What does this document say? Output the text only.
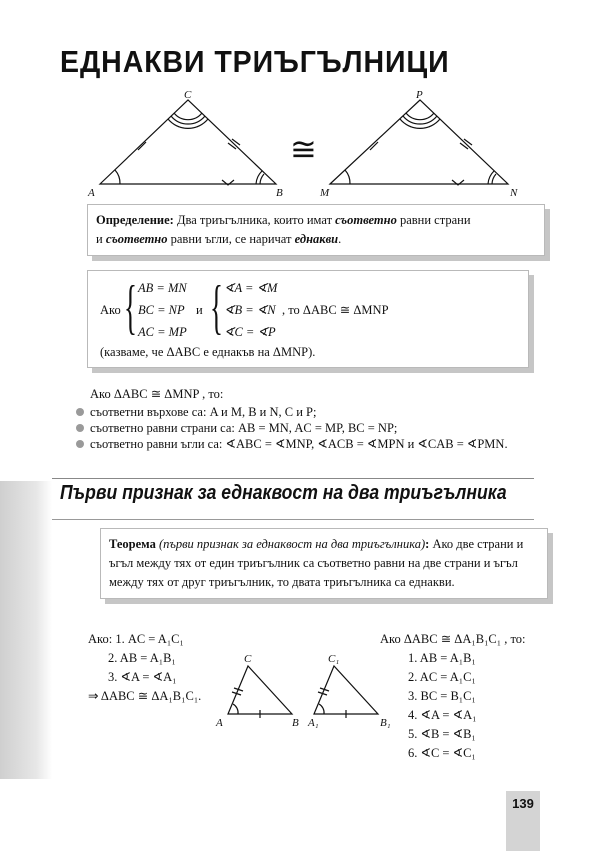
ЕДНАКВИ ТРИЪГЪЛНИЦИ
C
A	B
P
M	N
≅
Определение: Два триъгълника, които имат съответно равни страни
и съответно равни ъгли, се наричат еднакви.
Ако { AB = MN
BC = NP
AC = MP
и { ∢A = ∢M
∢B = ∢N
∢C = ∢P
, то ΔABC ≅ ΔMNP
(казваме, че ΔABC е еднакъв на ΔMNP).
Ако ΔABC ≅ ΔMNP , то:
съответни върхове са: A и M, B и N, C и P;
съответно равни страни са: AB = MN, AC = MP, BC = NP;
съответно равни ъгли са: ∢ABC = ∢MNP, ∢ACB = ∢MPN и ∢CAB = ∢PMN.
Първи признак за еднаквост на два триъгълника
Теорема (първи признак за еднаквост на два триъгълника): Ако две страни и ъгъл между тях от един триъгълник са съответно равни на две страни и ъгъл между тях от друг триъгълник, то двата триъгълника са еднакви.
Ако: 1. AC = A₁C₁
2. AB = A₁B₁
3. ∢A = ∢A₁
⇒ ΔABC ≅ ΔA₁B₁C₁.
C
A	B
C₁
A₁	B₁
Ако ΔABC ≅ ΔA₁B₁C₁ , то:
1. AB = A₁B₁
2. AC = A₁C₁
3. BC = B₁C₁
4. ∢A = ∢A₁
5. ∢B = ∢B₁
6. ∢C = ∢C₁
139
